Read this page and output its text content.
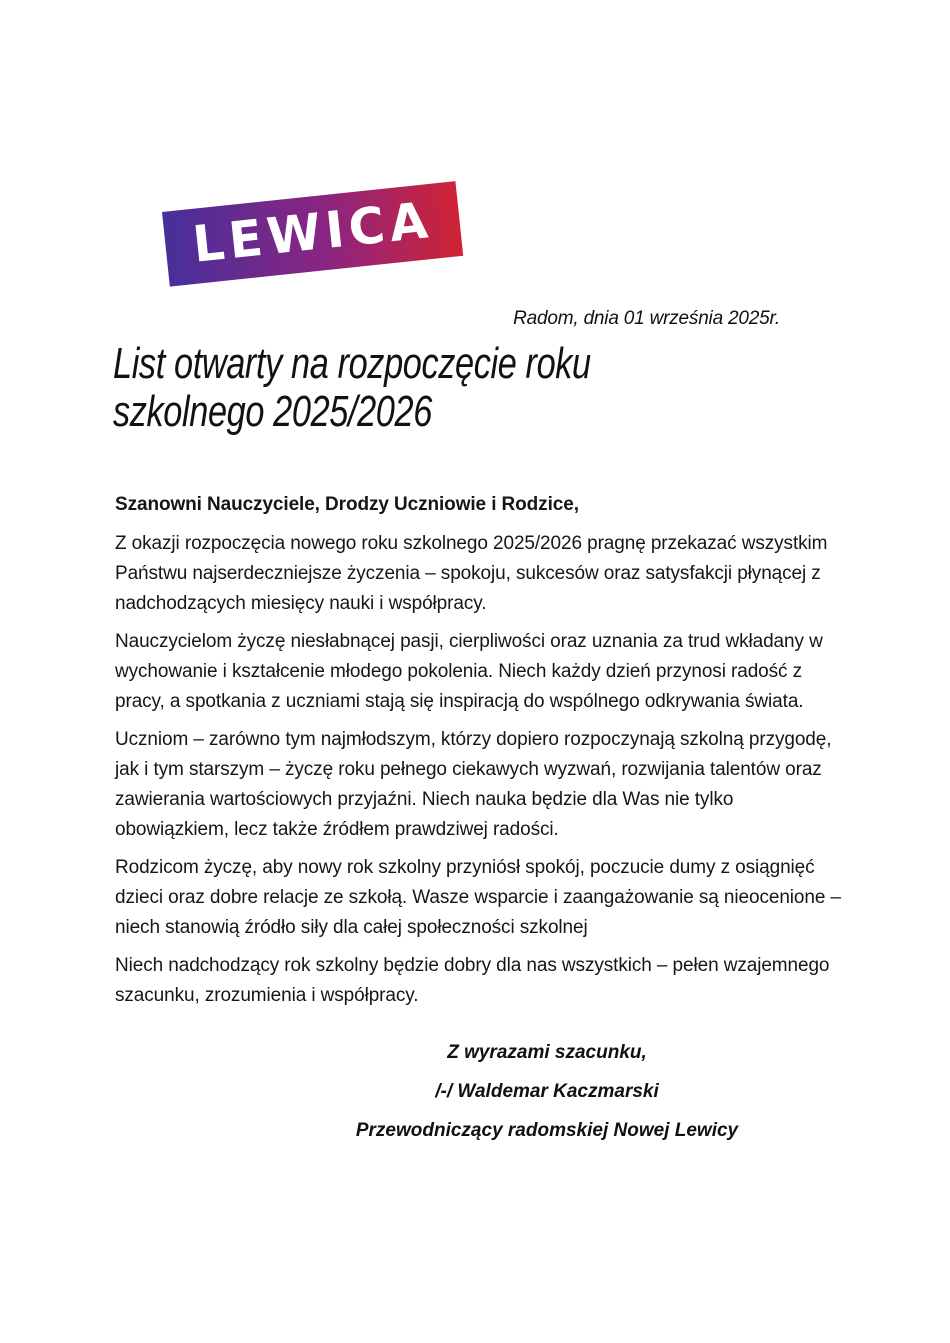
LEWICA
Radom, dnia 01 września 2025r.
List otwarty na rozpoczęcie roku szkolnego 2025/2026

Szanowni Nauczyciele, Drodzy Uczniowie i Rodzice,

Z okazji rozpoczęcia nowego roku szkolnego 2025/2026 pragnę przekazać wszystkim Państwu najserdeczniejsze życzenia – spokoju, sukcesów oraz satysfakcji płynącej z nadchodzących miesięcy nauki i współpracy.

Nauczycielom życzę niesłabnącej pasji, cierpliwości oraz uznania za trud wkładany w wychowanie i kształcenie młodego pokolenia. Niech każdy dzień przynosi radość z pracy, a spotkania z uczniami stają się inspiracją do wspólnego odkrywania świata.

Uczniom – zarówno tym najmłodszym, którzy dopiero rozpoczynają szkolną przygodę, jak i tym starszym – życzę roku pełnego ciekawych wyzwań, rozwijania talentów oraz zawierania wartościowych przyjaźni. Niech nauka będzie dla Was nie tylko obowiązkiem, lecz także źródłem prawdziwej radości.

Rodzicom życzę, aby nowy rok szkolny przyniósł spokój, poczucie dumy z osiągnięć dzieci oraz dobre relacje ze szkołą. Wasze wsparcie i zaangażowanie są nieocenione – niech stanowią źródło siły dla całej społeczności szkolnej

Niech nadchodzący rok szkolny będzie dobry dla nas wszystkich – pełen wzajemnego szacunku, zrozumienia i współpracy.

Z wyrazami szacunku,
/-/ Waldemar Kaczmarski
Przewodniczący radomskiej Nowej Lewicy
